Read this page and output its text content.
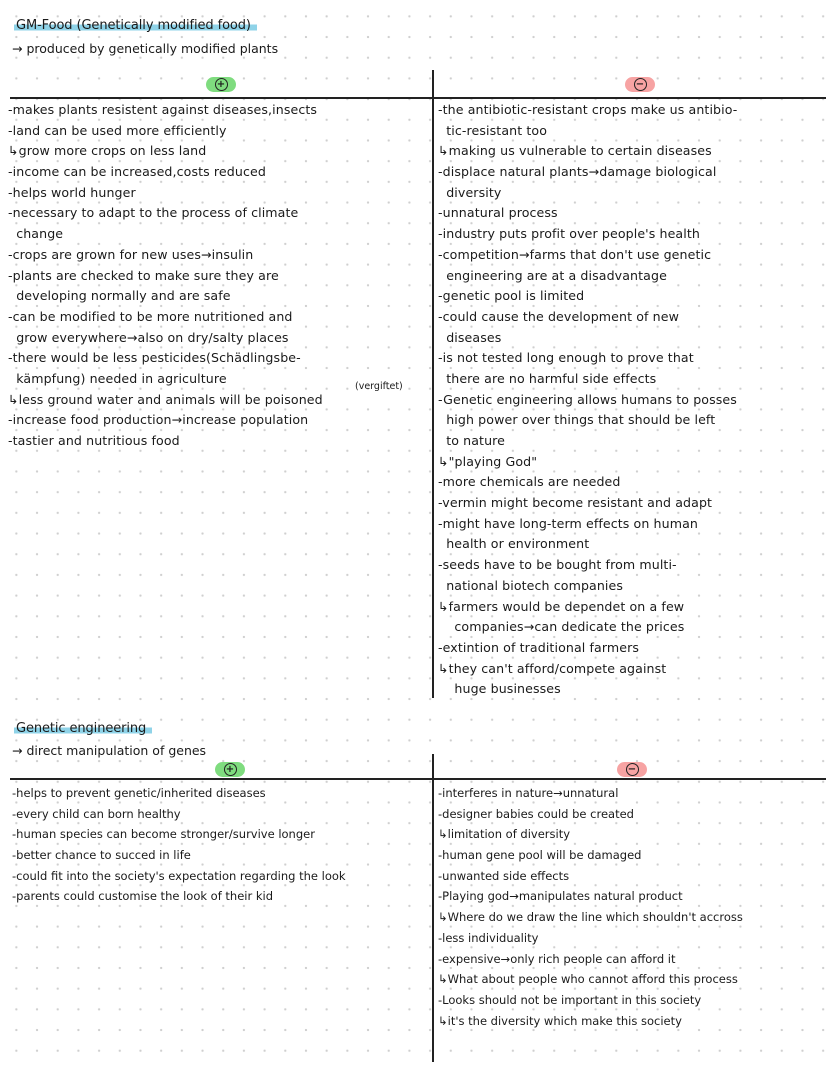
GM-Food (Genetically modified food)
→ produced by genetically modified plants
+	−
-makes plants resistent against diseases,insects
-land can be used more efficiently
↳grow more crops on less land
-income can be increased,costs reduced
-helps world hunger
-necessary to adapt to the process of climate
change
-crops are grown for new uses→insulin
-plants are checked to make sure they are
developing normally and are safe
-can be modified to be more nutritioned and
grow everywhere→also on dry/salty places
-there would be less pesticides(Schädlingsbe-
kämpfung) needed in agriculture
↳less ground water and animals will be poisoned
-increase food production→increase population
-tastier and nutritious food
(vergiftet)
-the antibiotic-resistant crops make us antibio-
tic-resistant too
↳making us vulnerable to certain diseases
-displace natural plants→damage biological
diversity
-unnatural process
-industry puts profit over people's health
-competition→farms that don't use genetic
engineering are at a disadvantage
-genetic pool is limited
-could cause the development of new
diseases
-is not tested long enough to prove that
there are no harmful side effects
-Genetic engineering allows humans to posses
high power over things that should be left
to nature
↳"playing God"
-more chemicals are needed
-vermin might become resistant and adapt
-might have long-term effects on human
health or environment
-seeds have to be bought from multi-
national biotech companies
↳farmers would be dependet on a few
companies→can dedicate the prices
-extintion of traditional farmers
↳they can't afford/compete against
huge businesses
Genetic engineering
→ direct manipulation of genes
+	−
-helps to prevent genetic/inherited diseases
-every child can born healthy
-human species can become stronger/survive longer
-better chance to succed in life
-could fit into the society's expectation regarding the look
-parents could customise the look of their kid
-interferes in nature→unnatural
-designer babies could be created
↳limitation of diversity
-human gene pool will be damaged
-unwanted side effects
-Playing god→manipulates natural product
↳Where do we draw the line which shouldn't accross
-less individuality
-expensive→only rich people can afford it
↳What about people who cannot afford this process
-Looks should not be important in this society
↳it's the diversity which make this society
